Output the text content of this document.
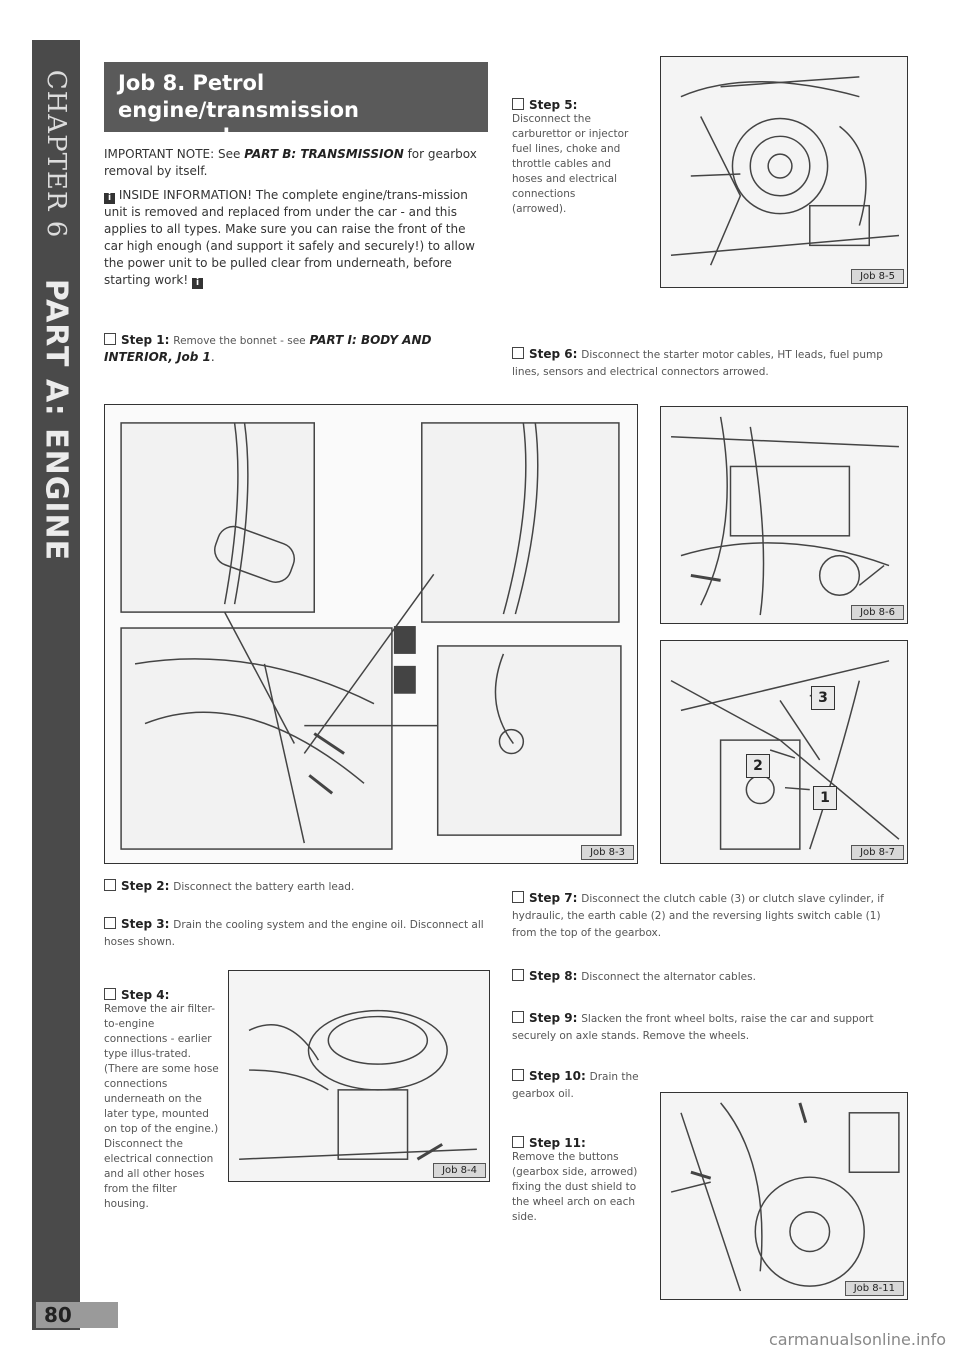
CHAPTER 6
PART A: ENGINE
Job 8. Petrol engine/transmission
- removal.
IMPORTANT NOTE: See PART B: TRANSMISSION for gearbox removal by itself.
i INSIDE INFORMATION! The complete engine/trans-mission unit is removed and replaced from under the car - and this applies to all types. Make sure you can raise the front of the car high enough (and support it safely and securely!) to allow the power unit to be pulled clear from underneath, before starting work! i
Step 1: Remove the bonnet - see PART I: BODY AND INTERIOR, Job 1.
Step 5:
Disconnect the carburettor or injector fuel lines, choke and throttle cables and hoses and electrical connections (arrowed).
Job 8-5
Step 6: Disconnect the starter motor cables, HT leads, fuel pump lines, sensors and electrical connectors arrowed.
Job 8-3
Job 8-6
3
2
1
Job 8-7
Step 2: Disconnect the battery earth lead.
Step 3: Drain the cooling system and the engine oil. Disconnect all hoses shown.
Step 4:
Remove the air filter-to-engine connections - earlier type illus-trated. (There are some hose connections underneath on the later type, mounted on top of the engine.) Disconnect the electrical connection and all other hoses from the filter housing.
Job 8-4
Step 7: Disconnect the clutch cable (3) or clutch slave cylinder, if hydraulic, the earth cable (2) and the reversing lights switch cable (1) from the top of the gearbox.
Step 8: Disconnect the alternator cables.
Step 9: Slacken the front wheel bolts, raise the car and support securely on axle stands. Remove the wheels.
Step 10: Drain the gearbox oil.
Step 11:
Remove the buttons (gearbox side, arrowed) fixing the dust shield to the wheel arch on each side.
Job 8-11
80
carmanualsonline.info
